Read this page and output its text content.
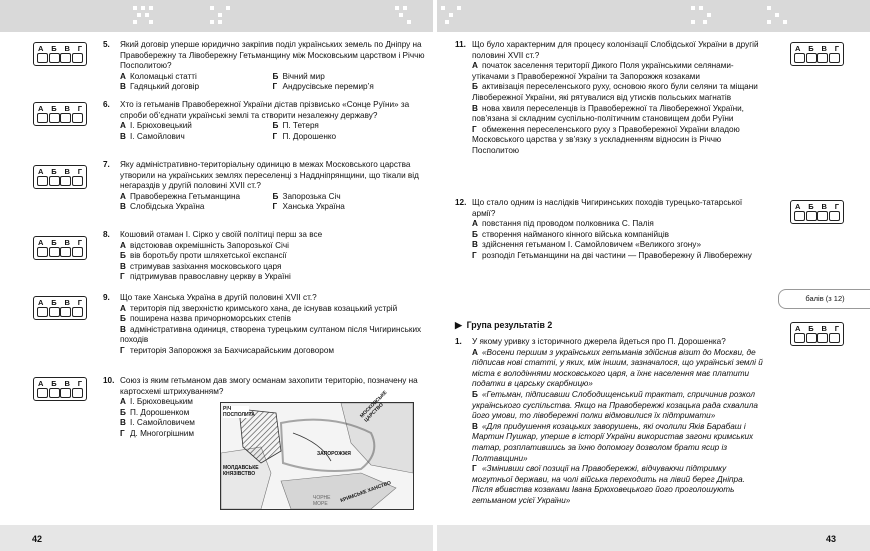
42	43
А Б В Г
А Б В Г
А Б В Г
А Б В Г
А Б В Г
А Б В Г
А Б В Г
А Б В Г
А Б В Г
5. Який договір уперше юридично закріпив поділ українських земель по Дніпру на Правобережну та Лівобережну Гетьманщину між Московським царством і Річчю Посполитою?
А Коломацькі статті	Б Вічний мир
В Гадяцький договір	Г Андрусівське перемир’я
6. Хто із гетьманів Правобережної України дістав прізвисько «Сонце Руїни» за спроби об’єднати українські землі та створити незалежну державу?
А І. Брюховецький	Б П. Тетеря
В І. Самойлович	Г П. Дорошенко
7. Яку адміністративно-територіальну одиницю в межах Московського царства утворили на українських землях переселенці з Наддніпрянщини, що тікали від негараздів у другій половині XVII ст.?
А Правобережна Гетьманщина	Б Запорозька Січ
В Слобідська Україна	Г Ханська Україна
8. Кошовий отаман І. Сірко у своїй політиці перш за все
А відстоював окремішність Запорозької Січі
Б вів боротьбу проти шляхетської експансії
В стримував зазіхання московського царя
Г підтримував православну церкву в Україні
9. Що таке Ханська Україна в другій половині XVII ст.?
А територія під зверхністю кримського хана, де існував козацький устрій
Б поширена назва причорноморських степів
В адміністративна одиниця, створена турецьким султаном після Чигиринських походів
Г територія Запорожжя за Бахчисарайським договором
10. Союз із яким гетьманом дав змогу османам захопити територію, позначену на картосхемі штрихуванням?
А І. Брюховецьким
Б П. Дорошенком
В І. Самойловичем
Г Д. Многогрішним
РІЧ ПОСПОЛИТА
МОЛДАВСЬКЕ КНЯЗІВСТВО
ЗАПОРОЖЖЯ
МОСКОВСЬКЕ ЦАРСТВО
КРИМСЬКЕ ХАНСТВО
ЧОРНЕ МОРЕ
11. Що було характерним для процесу колонізації Слобідської України в другій половині XVII ст.?
А початок заселення території Дикого Поля українськими селянами-утікачами з Правобережної України та Запорожжя козаками
Б активізація переселенського руху, основою якого були селяни та міщани Лівобережної України, які рятувалися від утисків польських магнатів
В нова хвиля переселенців із Правобережної та Лівобережної України, пов’язана зі складним суспільно-політичним становищем доби Руїни
Г обмеження переселенського руху з Правобережної України владою Московського царства у зв’язку з ускладненням відносин із Річчю Посполитою
12. Що стало одним із наслідків Чигиринських походів турецько-татарської армії?
А повстання під проводом полковника С. Палія
Б створення найманого кінного війська компанійців
В здійснення гетьманом І. Самойловичем «Великого згону»
Г розподіл Гетьманщини на дві частини — Правобережну й Лівобережну
▶ Група результатів 2
балів (з 12)
1. У якому уривку з історичного джерела йдеться про П. Дорошенка?
А «Восени першим з українських гетьманів здійснив візит до Москви, де підписав нові статті, у яких, між іншим, зазначалося, що українські землі й міста є володіннями московського царя, а їхнє населення має платити податки в царську скарбницю»
Б «Гетьман, підписавши Слободищенський трактат, спричинив розкол українського суспільства. Якщо на Правобережжі козацька рада схвалила його умови, то лівобережні полки відмовилися їх підтримати»
В «Для придушення козацьких заворушень, які очолили Яків Барабаш і Мартин Пушкар, уперше в історії України використав загони кримських татар, розплатившись за їхню допомогу дозволом брати ясир із Полтавщини»
Г «Змінивши свої позиції на Правобережжі, відчуваючи підтримку могутньої держави, на чолі війська переходить на лівий берег Дніпра. Після вбивства козаками Івана Брюховецького його проголошують гетьманом усієї України»
